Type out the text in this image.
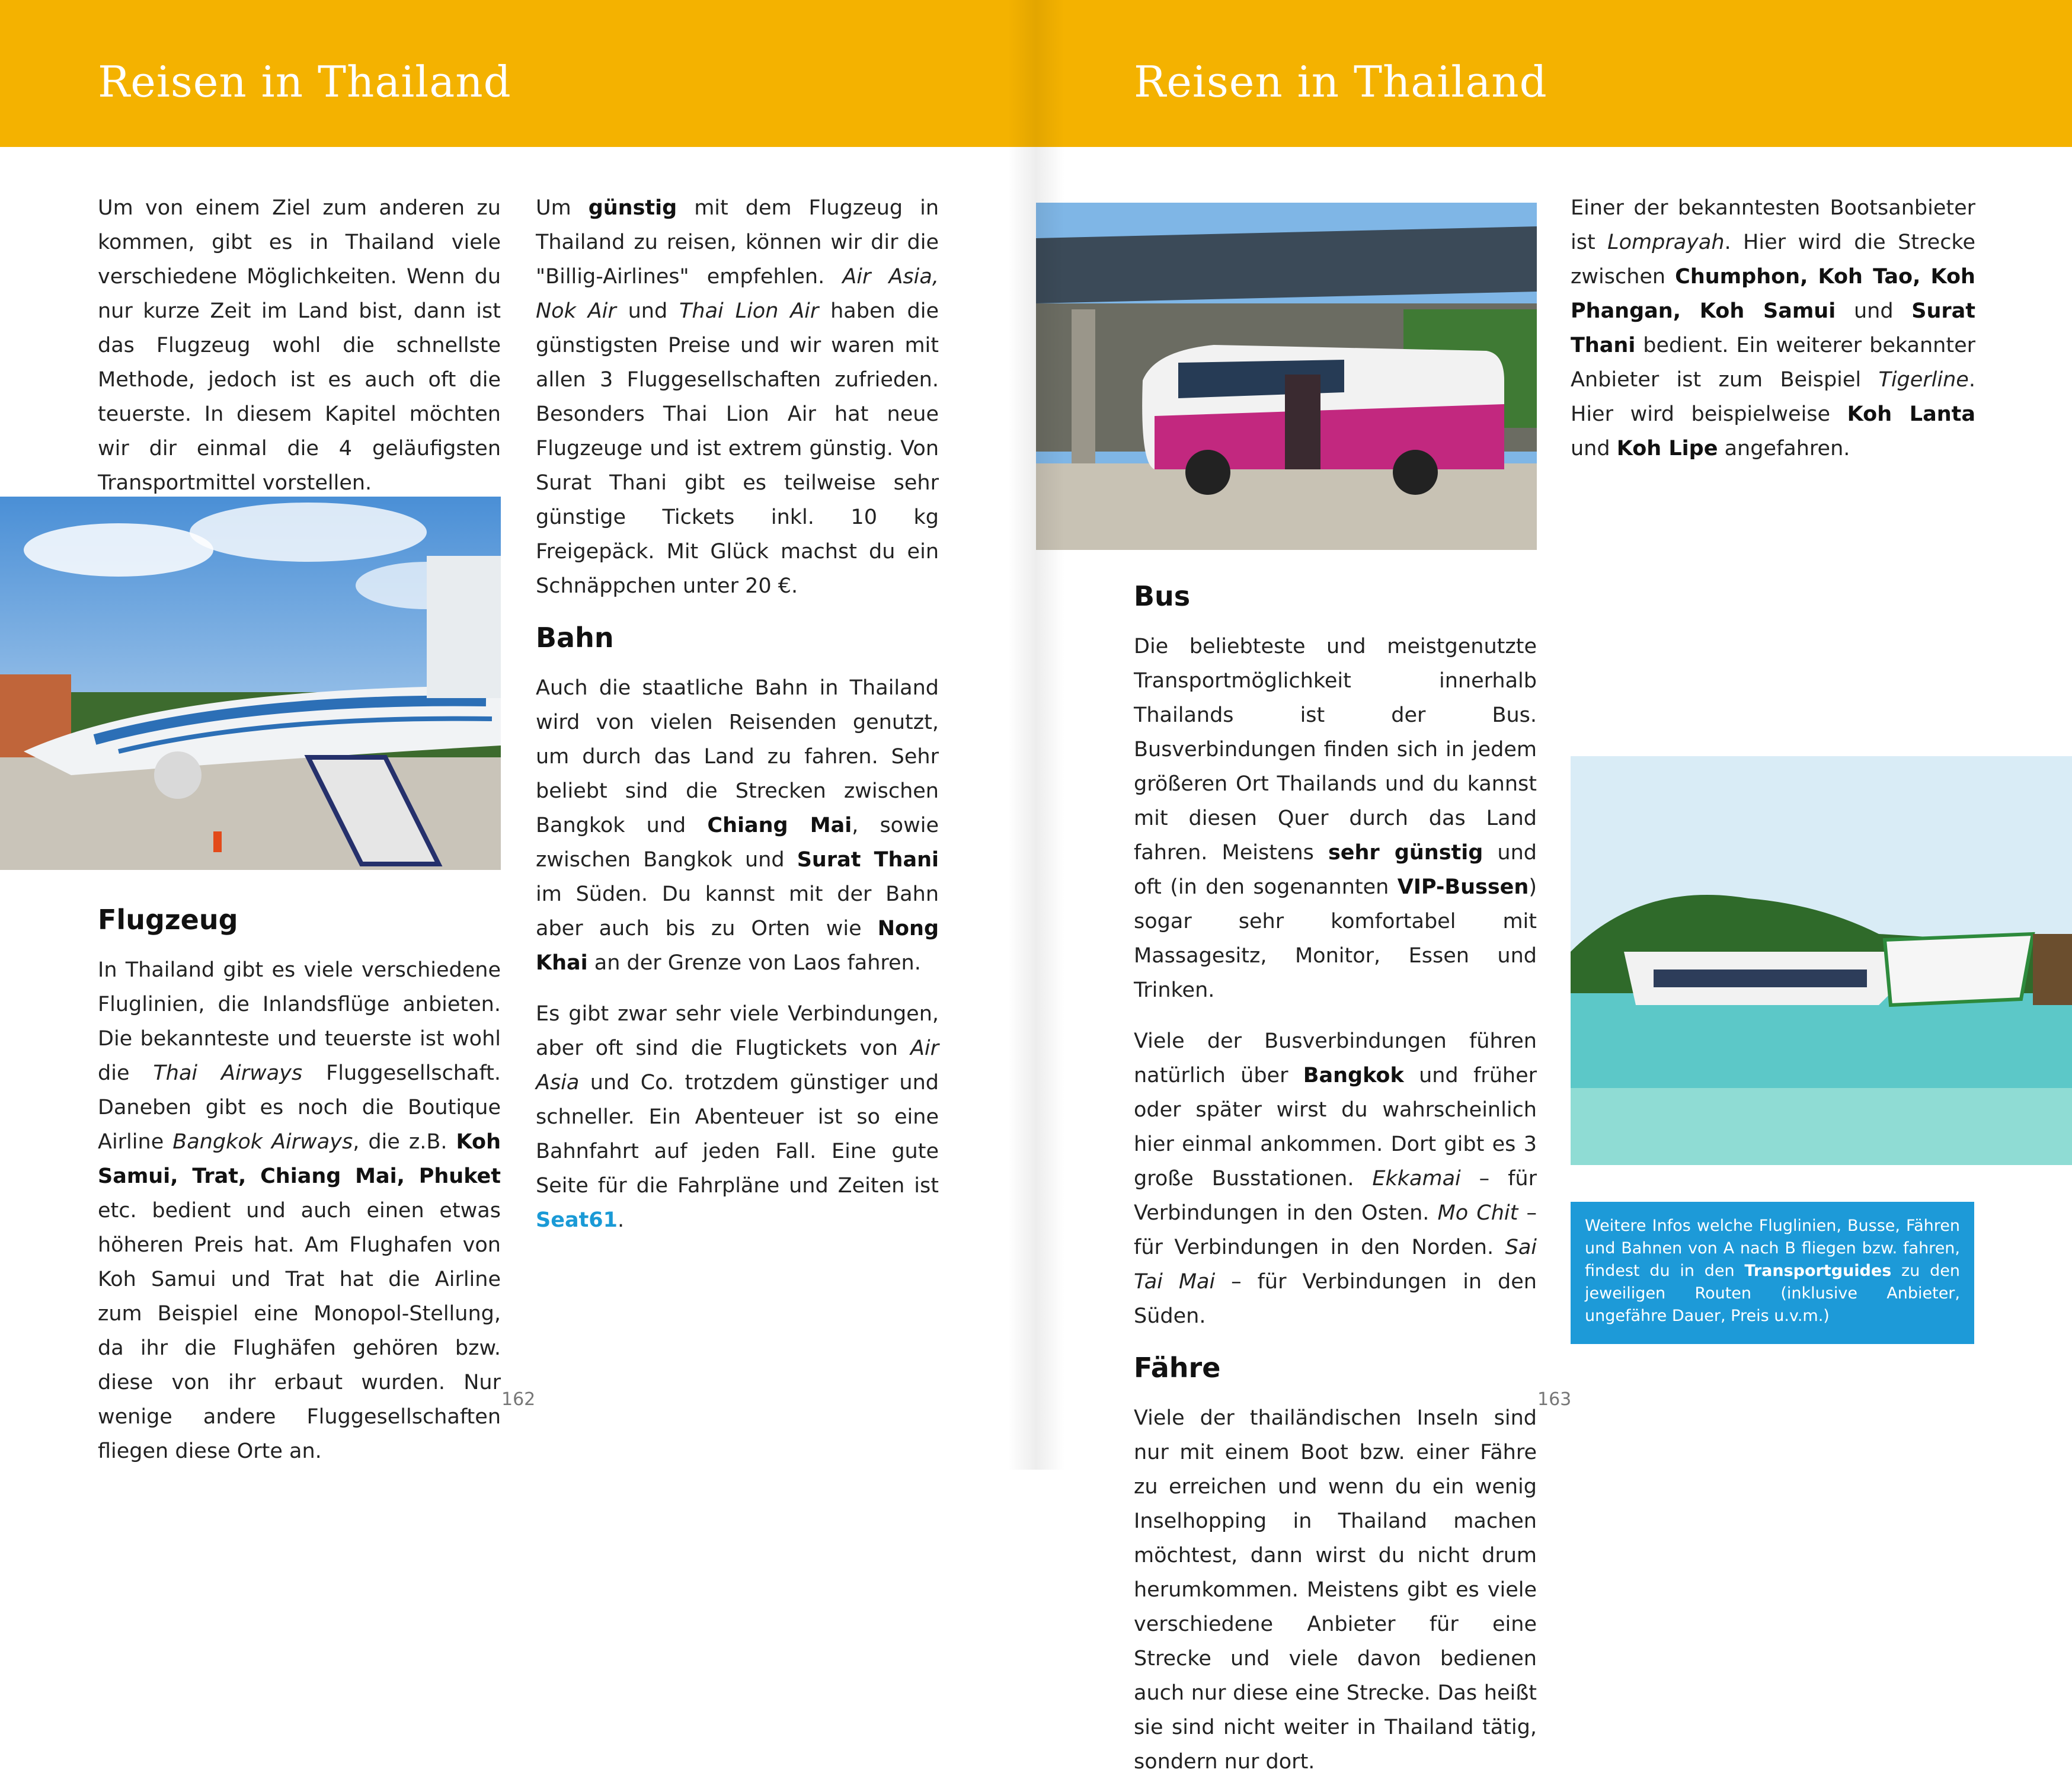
Reisen in Thailand

Um von einem Ziel zum anderen zu kommen, gibt es in Thailand viele verschiedene Möglichkeiten. Wenn du nur kurze Zeit im Land bist, dann ist das Flugzeug wohl die schnellste Methode, jedoch ist es auch oft die teuerste. In diesem Kapitel möchten wir dir einmal die 4 geläufigsten Transportmittel vorstellen.

Flugzeug

In Thailand gibt es viele verschiedene Fluglinien, die Inlandsflüge anbieten. Die bekannteste und teuerste ist wohl die Thai Airways Fluggesellschaft. Daneben gibt es noch die Boutique Airline Bangkok Airways, die z.B. Koh Samui, Trat, Chiang Mai, Phuket etc. bedient und auch einen etwas höheren Preis hat. Am Flughafen von Koh Samui und Trat hat die Airline zum Beispiel eine Monopol-Stellung, da ihr die Flughäfen gehören bzw. diese von ihr erbaut wurden. Nur wenige andere Fluggesellschaften fliegen diese Orte an.

Um günstig mit dem Flugzeug in Thailand zu reisen, können wir dir die "Billig-Airlines" empfehlen. Air Asia, Nok Air und Thai Lion Air haben die günstigsten Preise und wir waren mit allen 3 Fluggesellschaften zufrieden. Besonders Thai Lion Air hat neue Flugzeuge und ist extrem günstig. Von Surat Thani gibt es teilweise sehr günstige Tickets inkl. 10 kg Freigepäck. Mit Glück machst du ein Schnäppchen unter 20 €.

Bahn

Auch die staatliche Bahn in Thailand wird von vielen Reisenden genutzt, um durch das Land zu fahren. Sehr beliebt sind die Strecken zwischen Bangkok und Chiang Mai, sowie zwischen Bangkok und Surat Thani im Süden. Du kannst mit der Bahn aber auch bis zu Orten wie Nong Khai an der Grenze von Laos fahren.

Es gibt zwar sehr viele Verbindungen, aber oft sind die Flugtickets von Air Asia und Co. trotzdem günstiger und schneller. Ein Abenteuer ist so eine Bahnfahrt auf jeden Fall. Eine gute Seite für die Fahrpläne und Zeiten ist Seat61.

162
Reisen in Thailand
Bus

Die beliebteste und meistgenutzte Transportmöglichkeit innerhalb Thailands ist der Bus. Busverbindungen finden sich in jedem größeren Ort Thailands und du kannst mit diesen Quer durch das Land fahren. Meistens sehr günstig und oft (in den sogenannten VIP-Bussen) sogar sehr komfortabel mit Massagesitz, Monitor, Essen und Trinken.

Viele der Busverbindungen führen natürlich über Bangkok und früher oder später wirst du wahrscheinlich hier einmal ankommen. Dort gibt es 3 große Busstationen. Ekkamai – für Verbindungen in den Osten. Mo Chit – für Verbindungen in den Norden. Sai Tai Mai – für Verbindungen in den Süden.

Fähre

Viele der thailändischen Inseln sind nur mit einem Boot bzw. einer Fähre zu erreichen und wenn du ein wenig Inselhopping in Thailand machen möchtest, dann wirst du nicht drum herumkommen. Meistens gibt es viele verschiedene Anbieter für eine Strecke und viele davon bedienen auch nur diese eine Strecke. Das heißt sie sind nicht weiter in Thailand tätig, sondern nur dort.

Einer der bekanntesten Bootsanbieter ist Lomprayah. Hier wird die Strecke zwischen Chumphon, Koh Tao, Koh Phangan, Koh Samui und Surat Thani bedient. Ein weiterer bekannter Anbieter ist zum Beispiel Tigerline. Hier wird beispielweise Koh Lanta und Koh Lipe angefahren.

Weitere Infos welche Fluglinien, Busse, Fähren und Bahnen von A nach B fliegen bzw. fahren, findest du in den Transportguides zu den jeweiligen Routen (inklusive Anbieter, ungefähre Dauer, Preis u.v.m.)
163
